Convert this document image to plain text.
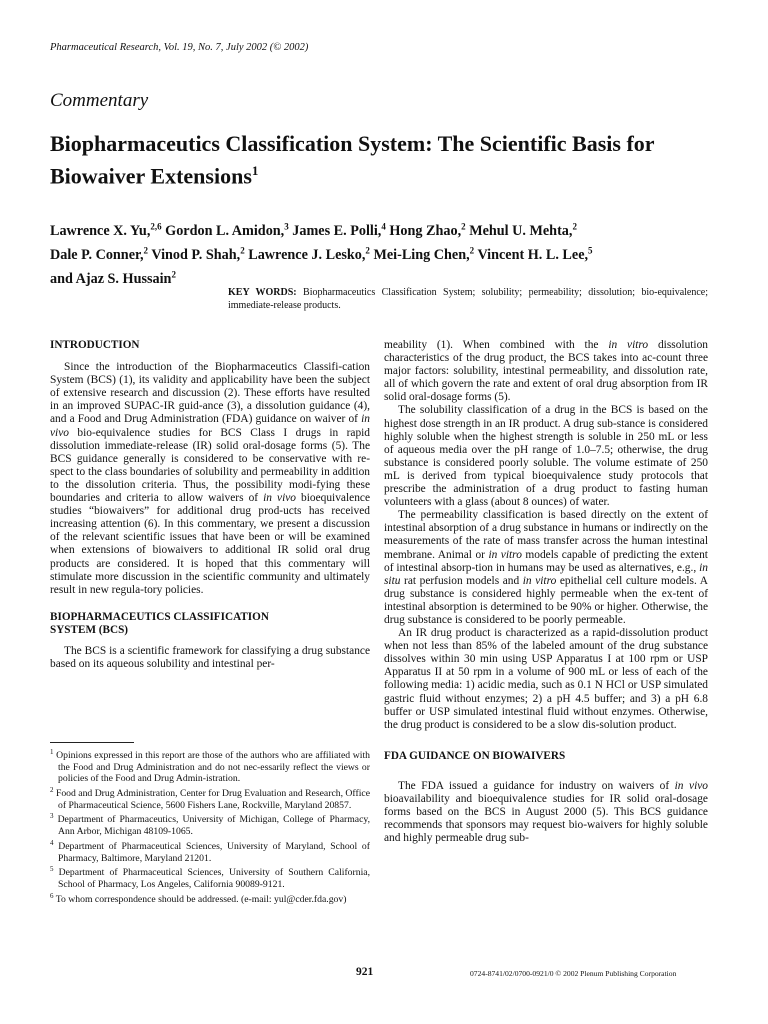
Pharmaceutical Research, Vol. 19, No. 7, July 2002 (© 2002)
Commentary
Biopharmaceutics Classification System: The Scientific Basis for Biowaiver Extensions$^1$
Lawrence X. Yu,$^{2,6}$ Gordon L. Amidon,$^3$ James E. Polli,$^4$ Hong Zhao,$^2$ Mehul U. Mehta,$^2$
Dale P. Conner,$^2$ Vinod P. Shah,$^2$ Lawrence J. Lesko,$^2$ Mei-Ling Chen,$^2$ Vincent H. L. Lee,$^5$
and Ajaz S. Hussain$^2$
KEY WORDS: Biopharmaceutics Classification System; solubility; permeability; dissolution; bio-equivalence; immediate-release products.
INTRODUCTION

Since the introduction of the Biopharmaceutics Classifi-cation System (BCS) (1), its validity and applicability have been the subject of extensive research and discussion (2). These efforts have resulted in an improved SUPAC-IR guid-ance (3), a dissolution guidance (4), and a Food and Drug Administration (FDA) guidance on waiver of in vivo bio-equivalence studies for BCS Class I drugs in rapid dissolution immediate-release (IR) solid oral-dosage forms (5). The BCS guidance generally is considered to be conservative with re-spect to the class boundaries of solubility and permeability in addition to the dissolution criteria. Thus, the possibility modi-fying these boundaries and criteria to allow waivers of in vivo bioequivalence studies “biowaivers” for additional drug prod-ucts has received increasing attention (6). In this commentary, we present a discussion of the relevant scientific issues that have been or will be examined when extensions of biowaivers to additional IR solid oral drug products are considered. It is hoped that this commentary will stimulate more discussion in the scientific community and ultimately result in new regula-tory policies.

BIOPHARMACEUTICS CLASSIFICATION
SYSTEM (BCS)

The BCS is a scientific framework for classifying a drug substance based on its aqueous solubility and intestinal per-

$^1$ Opinions expressed in this report are those of the authors who are affiliated with the Food and Drug Administration and do not nec-essarily reflect the views or policies of the Food and Drug Admin-istration.

$^2$ Food and Drug Administration, Center for Drug Evaluation and Research, Office of Pharmaceutical Science, 5600 Fishers Lane, Rockville, Maryland 20857.

$^3$ Department of Pharmaceutics, University of Michigan, College of Pharmacy, Ann Arbor, Michigan 48109-1065.

$^4$ Department of Pharmaceutical Sciences, University of Maryland, School of Pharmacy, Baltimore, Maryland 21201.

$^5$ Department of Pharmaceutical Sciences, University of Southern California, School of Pharmacy, Los Angeles, California 90089-9121.

$^6$ To whom correspondence should be addressed. (e-mail: yul@cder.fda.gov)

meability (1). When combined with the in vitro dissolution characteristics of the drug product, the BCS takes into ac-count three major factors: solubility, intestinal permeability, and dissolution rate, all of which govern the rate and extent of oral drug absorption from IR solid oral-dosage forms (5).

The solubility classification of a drug in the BCS is based on the highest dose strength in an IR product. A drug sub-stance is considered highly soluble when the highest strength is soluble in 250 mL or less of aqueous media over the pH range of 1.0–7.5; otherwise, the drug substance is considered poorly soluble. The volume estimate of 250 mL is derived from typical bioequivalence study protocols that prescribe the administration of a drug product to fasting human volunteers with a glass (about 8 ounces) of water.

The permeability classification is based directly on the extent of intestinal absorption of a drug substance in humans or indirectly on the measurements of the rate of mass transfer across the human intestinal membrane. Animal or in vitro models capable of predicting the extent of intestinal absorp-tion in humans may be used as alternatives, e.g., in situ rat perfusion models and in vitro epithelial cell culture models. A drug substance is considered highly permeable when the ex-tent of intestinal absorption is determined to be 90% or higher. Otherwise, the drug substance is considered to be poorly permeable.

An IR drug product is characterized as a rapid-dissolution product when not less than 85% of the labeled amount of the drug substance dissolves within 30 min using USP Apparatus I at 100 rpm or USP Apparatus II at 50 rpm in a volume of 900 mL or less of each of the following media: 1) acidic media, such as 0.1 N HCl or USP simulated gastric fluid without enzymes; 2) a pH 4.5 buffer; and 3) a pH 6.8 buffer or USP simulated intestinal fluid without enzymes. Otherwise, the drug product is considered to be a slow dis-solution product.

FDA GUIDANCE ON BIOWAIVERS

The FDA issued a guidance for industry on waivers of in vivo bioavailability and bioequivalence studies for IR solid oral-dosage forms based on the BCS in August 2000 (5). This BCS guidance recommends that sponsors may request bio-waivers for highly soluble and highly permeable drug sub-

921	0724-8741/02/0700-0921/0 © 2002 Plenum Publishing Corporation
